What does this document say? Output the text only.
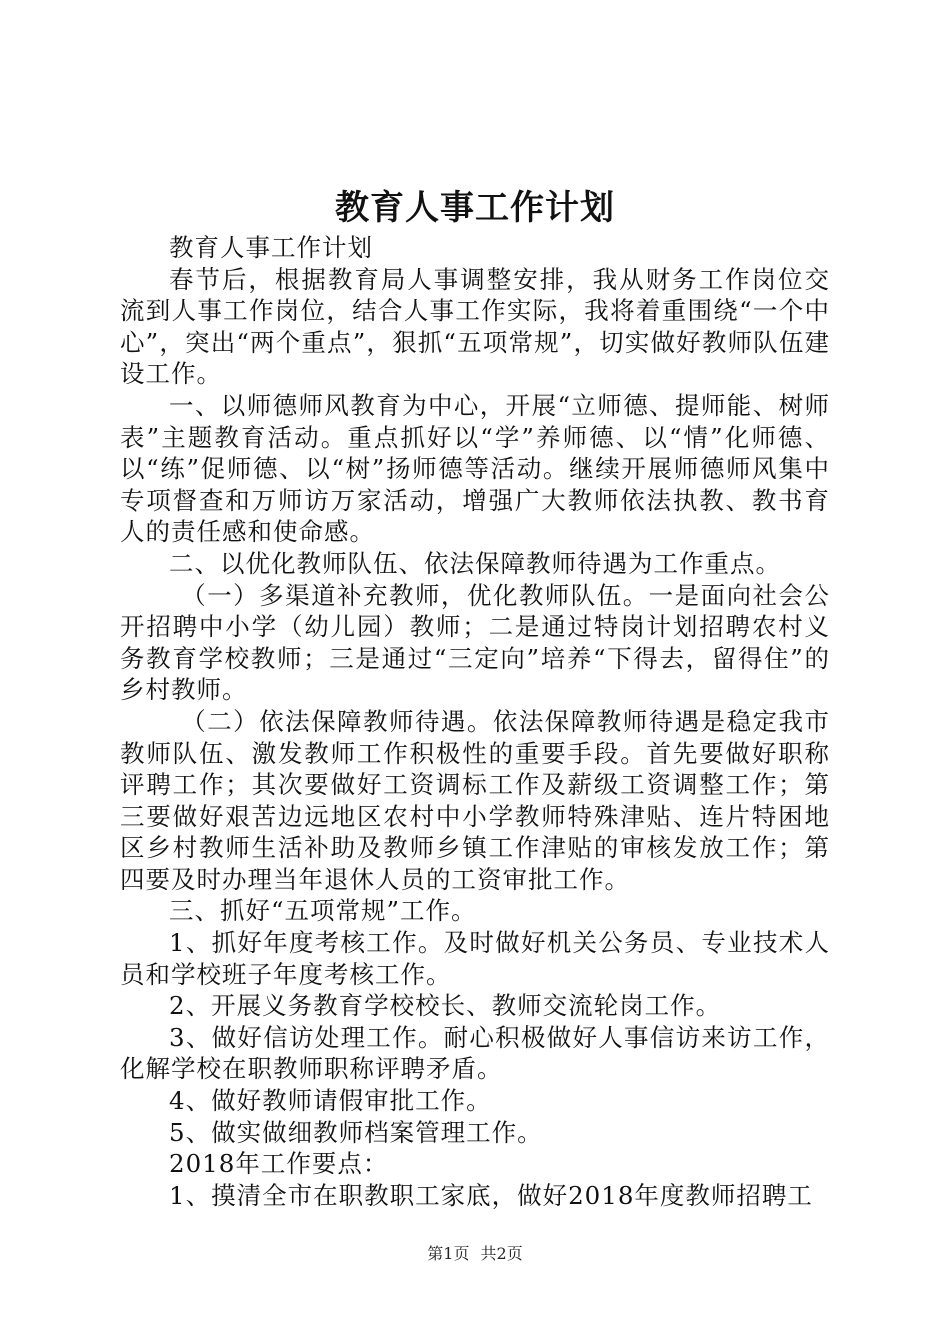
教育人事工作计划

教育人事工作计划

春节后，根据教育局人事调整安排，我从财务工作岗位交流到人事工作岗位，结合人事工作实际，我将着重围绕“一个中心”，突出“两个重点”，狠抓“五项常规”，切实做好教师队伍建设工作。

一、以师德师风教育为中心，开展“立师德、提师能、树师表”主题教育活动。重点抓好以“学”养师德、以“情”化师德、以“练”促师德、以“树”扬师德等活动。继续开展师德师风集中专项督查和万师访万家活动，增强广大教师依法执教、教书育人的责任感和使命感。

二、以优化教师队伍、依法保障教师待遇为工作重点。

（一）多渠道补充教师，优化教师队伍。一是面向社会公开招聘中小学（幼儿园）教师；二是通过特岗计划招聘农村义务教育学校教师；三是通过“三定向”培养“下得去，留得住”的乡村教师。

（二）依法保障教师待遇。依法保障教师待遇是稳定我市教师队伍、激发教师工作积极性的重要手段。首先要做好职称评聘工作；其次要做好工资调标工作及薪级工资调整工作；第三要做好艰苦边远地区农村中小学教师特殊津贴、连片特困地区乡村教师生活补助及教师乡镇工作津贴的审核发放工作；第四要及时办理当年退休人员的工资审批工作。

三、抓好“五项常规”工作。

1、抓好年度考核工作。及时做好机关公务员、专业技术人员和学校班子年度考核工作。

2、开展义务教育学校校长、教师交流轮岗工作。

3、做好信访处理工作。耐心积极做好人事信访来访工作，化解学校在职教师职称评聘矛盾。

4、做好教师请假审批工作。

5、做实做细教师档案管理工作。

2018年工作要点：

1、摸清全市在职教职工家底，做好2018年度教师招聘工

第1页 共2页
